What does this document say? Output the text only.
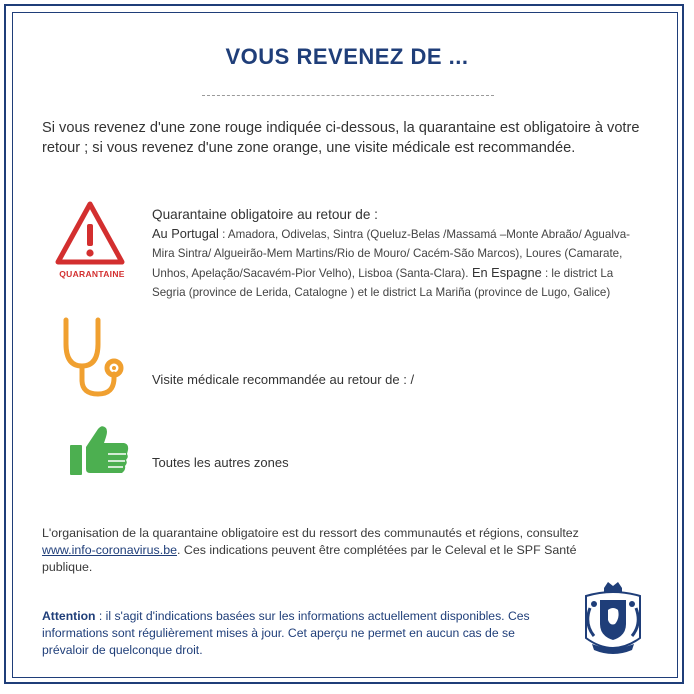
VOUS REVENEZ DE ...
Si vous revenez d'une zone rouge indiquée ci-dessous, la quarantaine est obligatoire à votre retour ; si vous revenez d'une zone orange, une visite médicale est recommandée.
QUARANTAINE
Quarantaine obligatoire au retour de :
Au Portugal : Amadora, Odivelas, Sintra (Queluz-Belas /Massamá –Monte Abraão/ Agualva-Mira Sintra/ Algueirão-Mem Martins/Rio de Mouro/ Cacém-São Marcos), Loures (Camarate, Unhos, Apelação/Sacavém-Pior Velho), Lisboa (Santa-Clara). En Espagne : le district La Segria (province de Lerida, Catalogne ) et le district La Mariña (province de Lugo, Galice)
Visite médicale recommandée au retour de : /
Toutes les autres zones
L'organisation de la quarantaine obligatoire est du ressort des communautés et régions, consultez www.info-coronavirus.be. Ces indications peuvent être complétées par le Celeval et le SPF Santé publique.
Attention : il s'agit d'indications basées sur les informations actuellement disponibles. Ces informations sont régulièrement mises à jour. Cet aperçu ne permet en aucun cas de se prévaloir de quelconque droit.
